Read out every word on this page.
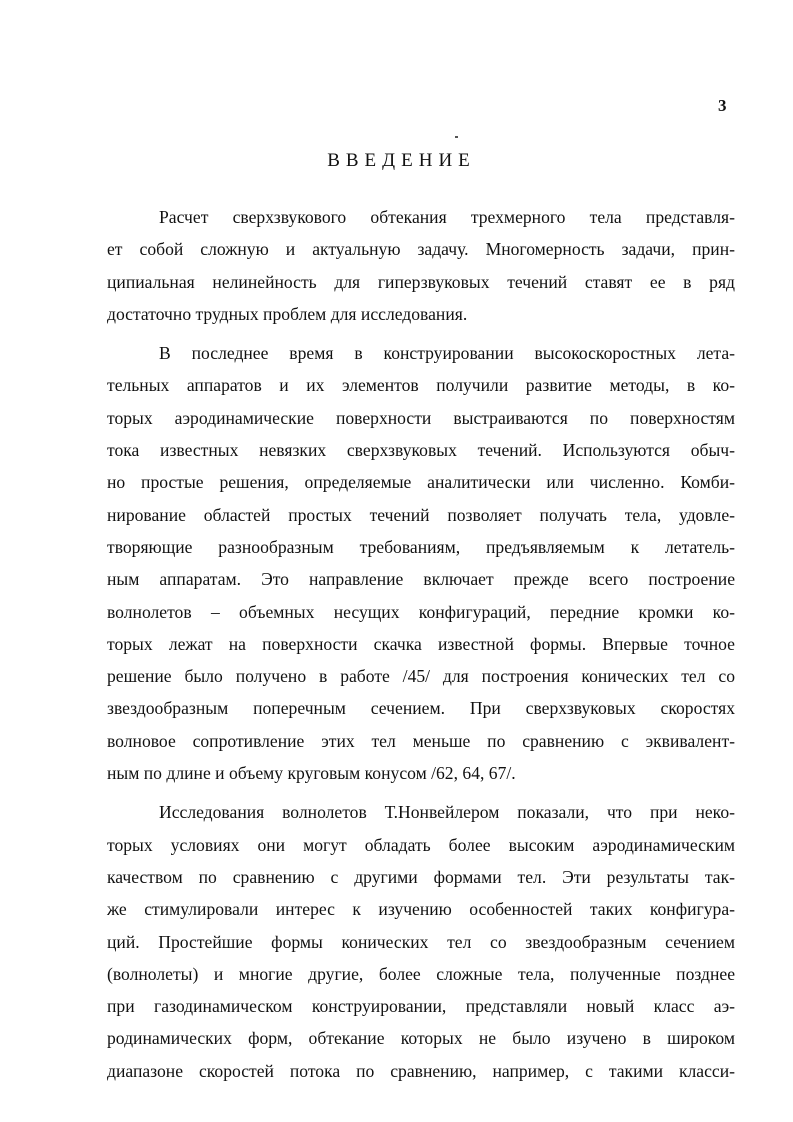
3
ВВЕДЕНИЕ
Расчет сверхзвукового обтекания трехмерного тела представля-
ет собой сложную и актуальную задачу. Многомерность задачи, прин-
ципиальная нелинейность для гиперзвуковых течений ставят ее в ряд
достаточно трудных проблем для исследования.
В последнее время в конструировании высокоскоростных лета-
тельных аппаратов и их элементов получили развитие методы, в ко-
торых аэродинамические поверхности выстраиваются по поверхностям
тока известных невязких сверхзвуковых течений. Используются обыч-
но простые решения, определяемые аналитически или численно. Комби-
нирование областей простых течений позволяет получать тела, удовле-
творяющие разнообразным требованиям, предъявляемым к летатель-
ным аппаратам. Это направление включает прежде всего построение
волнолетов – объемных несущих конфигураций, передние кромки ко-
торых лежат на поверхности скачка известной формы. Впервые точное
решение было получено в работе /45/ для построения конических тел со
звездообразным поперечным сечением. При сверхзвуковых скоростях
волновое сопротивление этих тел меньше по сравнению с эквивалент-
ным по длине и объему круговым конусом /62, 64, 67/.
Исследования волнолетов Т.Нонвейлером показали, что при неко-
торых условиях они могут обладать более высоким аэродинамическим
качеством по сравнению с другими формами тел. Эти результаты так-
же стимулировали интерес к изучению особенностей таких конфигура-
ций. Простейшие формы конических тел со звездообразным сечением
(волнолеты) и многие другие, более сложные тела, полученные позднее
при газодинамическом конструировании, представляли новый класс аэ-
родинамических форм, обтекание которых не было изучено в широком
диапазоне скоростей потока по сравнению, например, с такими класси-
